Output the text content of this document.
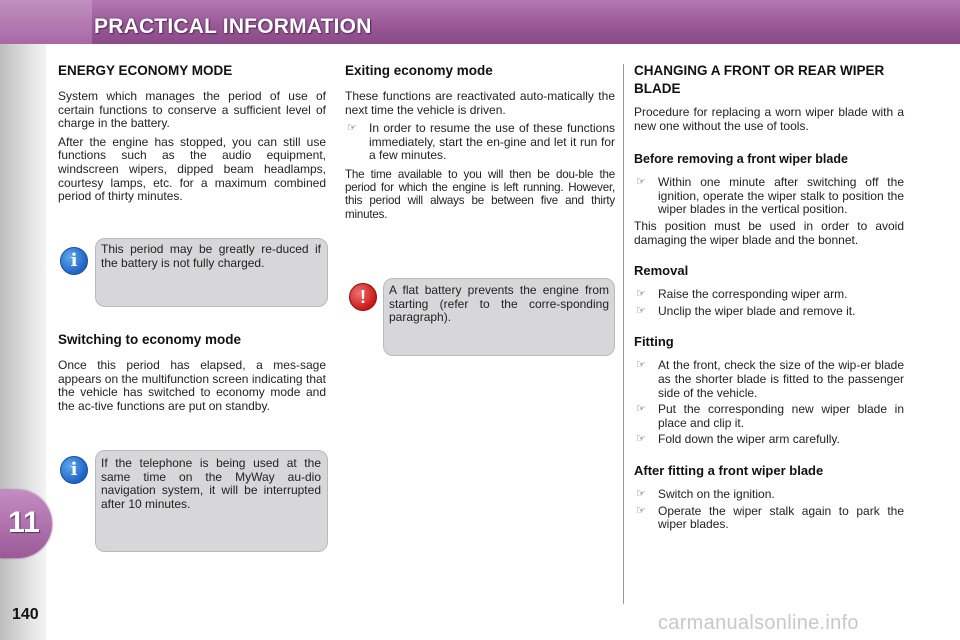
PRACTICAL INFORMATION
11
140
ENERGY ECONOMY MODE

System which manages the period of use of certain functions to conserve a sufficient level of charge in the battery.

After the engine has stopped, you can still use functions such as the audio equipment, windscreen wipers, dipped beam headlamps, courtesy lamps, etc. for a maximum combined period of thirty minutes.

i

This period may be greatly re-duced if the battery is not fully charged.

Switching to economy mode

Once this period has elapsed, a mes-sage appears on the multifunction screen indicating that the vehicle has switched to economy mode and the ac-tive functions are put on standby.

i	If the telephone is being used at the same time on the MyWay au-dio navigation system, it will be interrupted after 10 minutes.

Exiting economy mode

These functions are reactivated auto-matically the next time the vehicle is driven.

☞ In order to resume the use of these functions immediately, start the en-gine and let it run for a few minutes.

The time available to you will then be dou-ble the period for which the engine is left running. However, this period will always be between five and thirty minutes.

!	A flat battery prevents the engine from starting (refer to the corre-sponding paragraph).

CHANGING A FRONT OR REAR WIPER BLADE

Procedure for replacing a worn wiper blade with a new one without the use of tools.

Before removing a front wiper blade
☞ Within one minute after switching off the ignition, operate the wiper stalk to position the wiper blades in the vertical position.

This position must be used in order to avoid damaging the wiper blade and the bonnet.

Removal
☞ Raise the corresponding wiper arm.
☞ Unclip the wiper blade and remove it.
Fitting
☞ At the front, check the size of the wip-er blade as the shorter blade is fitted to the passenger side of the vehicle.
☞ Put the corresponding new wiper blade in place and clip it.
☞ Fold down the wiper arm carefully.
After fitting a front wiper blade
☞ Switch on the ignition.
☞ Operate the wiper stalk again to park the wiper blades.
carmanualsonline.info
